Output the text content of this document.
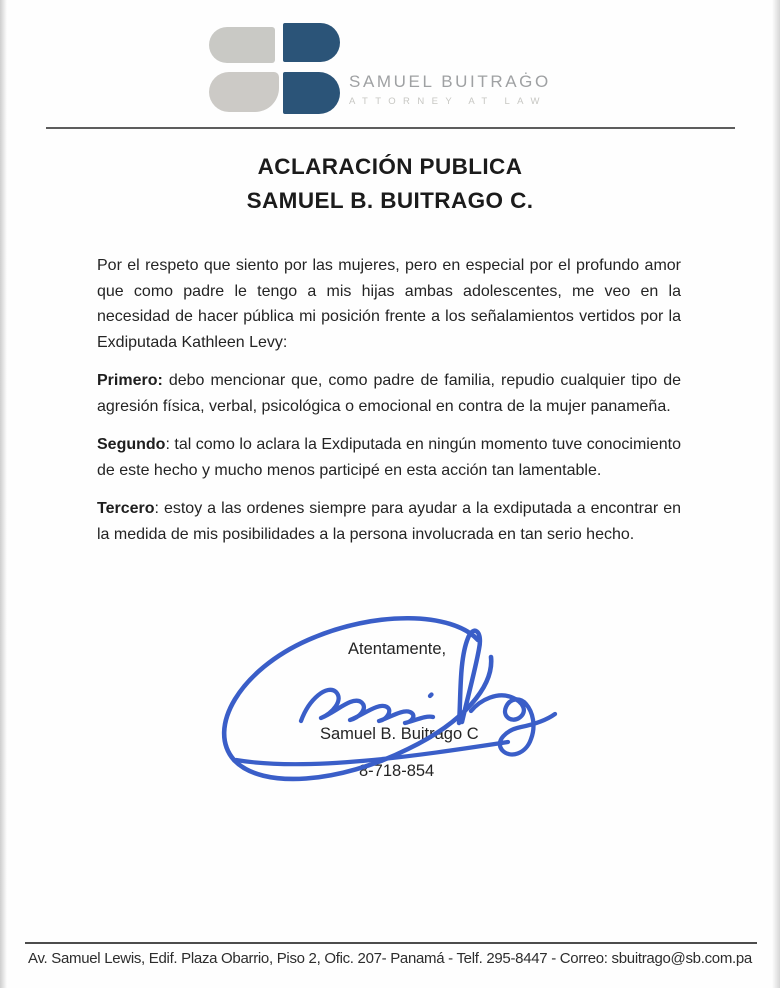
SAMUEL BUITRAĠO
ATTORNEY AT LAW
ACLARACIÓN PUBLICA
SAMUEL B. BUITRAGO C.

Por el respeto que siento por las mujeres, pero en especial por el profundo amor que como padre le tengo a mis hijas ambas adolescentes, me veo en la necesidad de hacer pública mi posición frente a los señalamientos vertidos por la Exdiputada Kathleen Levy:

Primero: debo mencionar que, como padre de familia, repudio cualquier tipo de agresión física, verbal, psicológica o emocional en contra de la mujer panameña.

Segundo: tal como lo aclara la Exdiputada en ningún momento tuve conocimiento de este hecho y mucho menos participé en esta acción tan lamentable.

Tercero: estoy a las ordenes siempre para ayudar a la exdiputada a encontrar en la medida de mis posibilidades a la persona involucrada en tan serio hecho.

Atentamente,
Samuel B. Buitrago C
8-718-854
Av. Samuel Lewis, Edif. Plaza Obarrio, Piso 2, Ofic. 207- Panamá - Telf. 295-8447 - Correo: sbuitrago@sb.com.pa
